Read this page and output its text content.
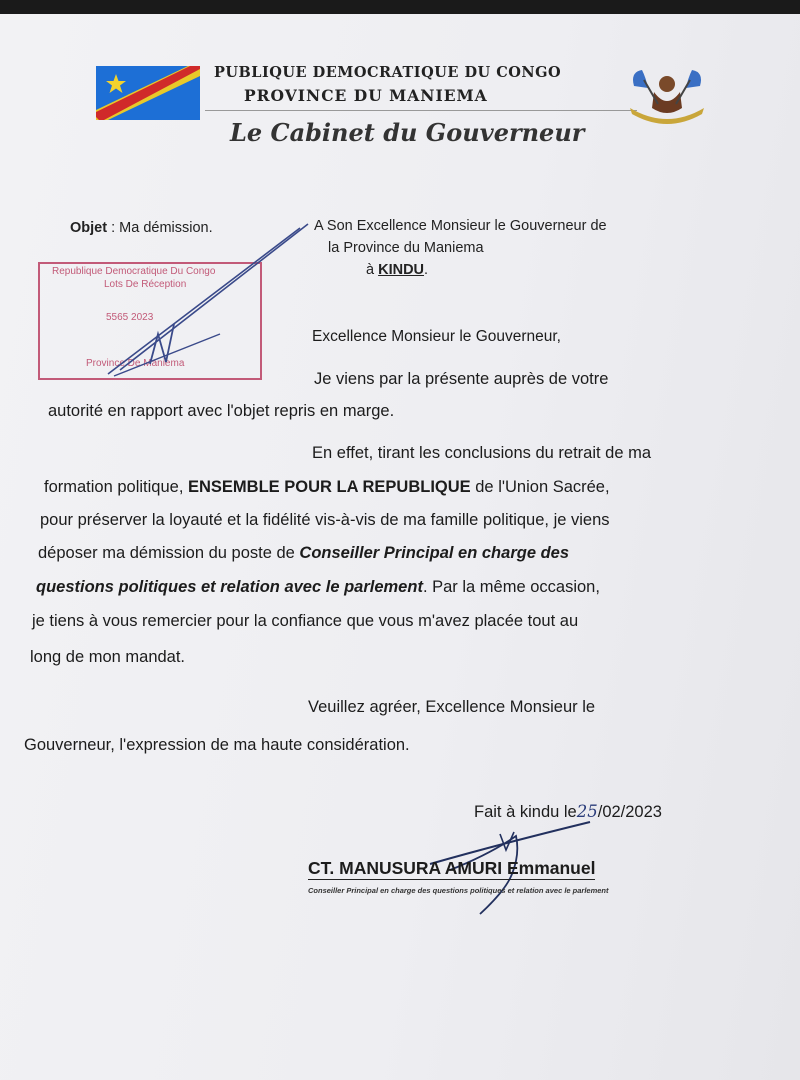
PUBLIQUE DEMOCRATIQUE DU CONGO
PROVINCE DU MANIEMA
Le Cabinet du Gouverneur
Objet : Ma démission.
Republique Democratique Du Congo
Lots De Réception
5565 2023
Province De Maniema
A Son Excellence Monsieur le Gouverneur de
la Province du Maniema
à KINDU.
Excellence Monsieur le Gouverneur,
Je viens par la présente auprès de votre
autorité en rapport avec l'objet repris en marge.
En effet, tirant les conclusions du retrait de ma
formation politique, ENSEMBLE POUR LA REPUBLIQUE de l'Union Sacrée,
pour préserver la loyauté et la fidélité vis-à-vis de ma famille politique, je viens
déposer ma démission du poste de Conseiller Principal en charge des
questions politiques et relation avec le parlement. Par la même occasion,
je tiens à vous remercier pour la confiance que vous m'avez placée tout au
long de mon mandat.
Veuillez agréer, Excellence Monsieur le
Gouverneur, l'expression de ma haute considération.
Fait à kindu le25/02/2023
CT. MANUSURA AMURI Emmanuel
Conseiller Principal en charge des questions politiques et relation avec le parlement
